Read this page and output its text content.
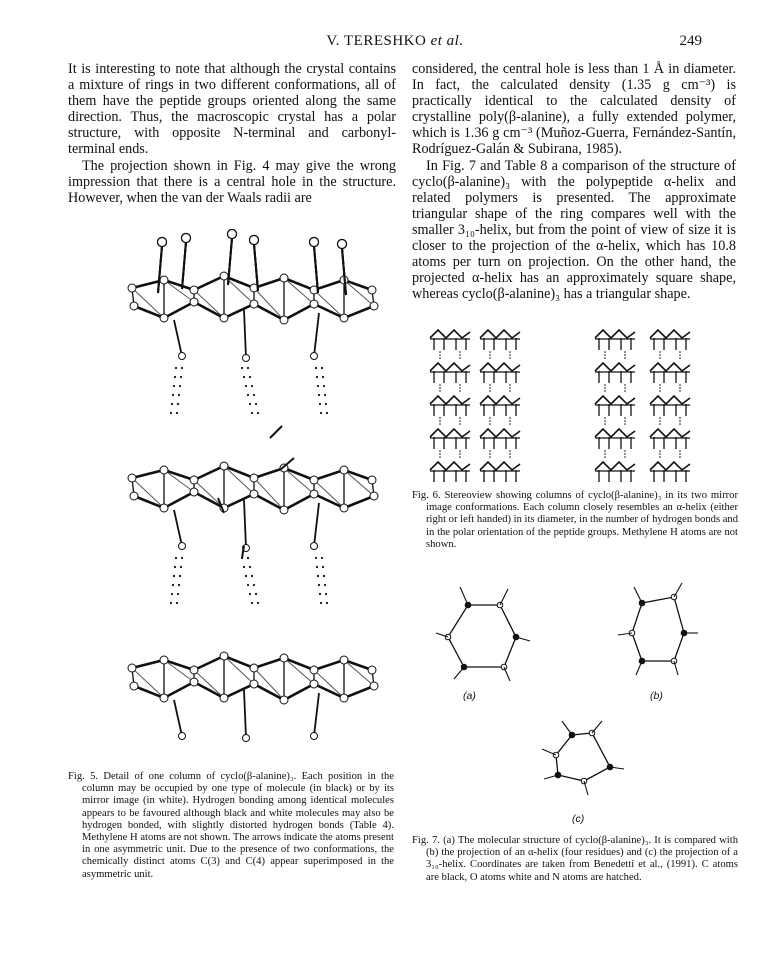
V. TERESHKO et al.	249

It is interesting to note that although the crystal contains a mixture of rings in two different conformations, all of them have the peptide groups oriented along the same direction. Thus, the macroscopic crystal has a polar structure, with opposite N-terminal and carbonyl-terminal ends.

The projection shown in Fig. 4 may give the wrong impression that there is a central hole in the structure. However, when the van der Waals radii are

considered, the central hole is less than 1 Å in diameter. In fact, the calculated density (1.35 g cm⁻³) is practically identical to the calculated density of crystalline poly(β-alanine), a fully extended polymer, which is 1.36 g cm⁻³ (Muñoz-Guerra, Fernández-Santín, Rodríguez-Galán & Subirana, 1985).

In Fig. 7 and Table 8 a comparison of the structure of cyclo(β-alanine)₃ with the polypeptide α-helix and related polymers is presented. The approximate triangular shape of the ring compares well with the smaller 3₁₀-helix, but from the point of view of size it is closer to the projection of the α-helix, which has 10.8 atoms per turn on projection. On the other hand, the projected α-helix has an approximately square shape, whereas cyclo(β-alanine)₃ has a triangular shape.

(a)	(b)
(c)

Fig. 5. Detail of one column of cyclo(β-alanine)₃. Each position in the column may be occupied by one type of molecule (in black) or by its mirror image (in white). Hydrogen bonding among identical molecules appears to be favoured although black and white molecules may also be hydrogen bonded, with slightly distorted hydrogen bonds (Table 4). Methylene H atoms are not shown. The arrows indicate the atoms present in one asymmetric unit. Due to the presence of two conformations, the chemically distinct atoms C(3) and C(4) appear superimposed in the asymmetric unit.

Fig. 6. Stereoview showing columns of cyclo(β-alanine)₃ in its two mirror image conformations. Each column closely resembles an α-helix (either right or left handed) in its diameter, in the number of hydrogen bonds and in the polar orientation of the peptide groups. Methylene H atoms are not shown.

Fig. 7. (a) The molecular structure of cyclo(β-alanine)₃. It is compared with (b) the projection of an α-helix (four residues) and (c) the projection of a 3₁₀-helix. Coordinates are taken from Benedetti et al., (1991). C atoms are black, O atoms white and N atoms are hatched.
